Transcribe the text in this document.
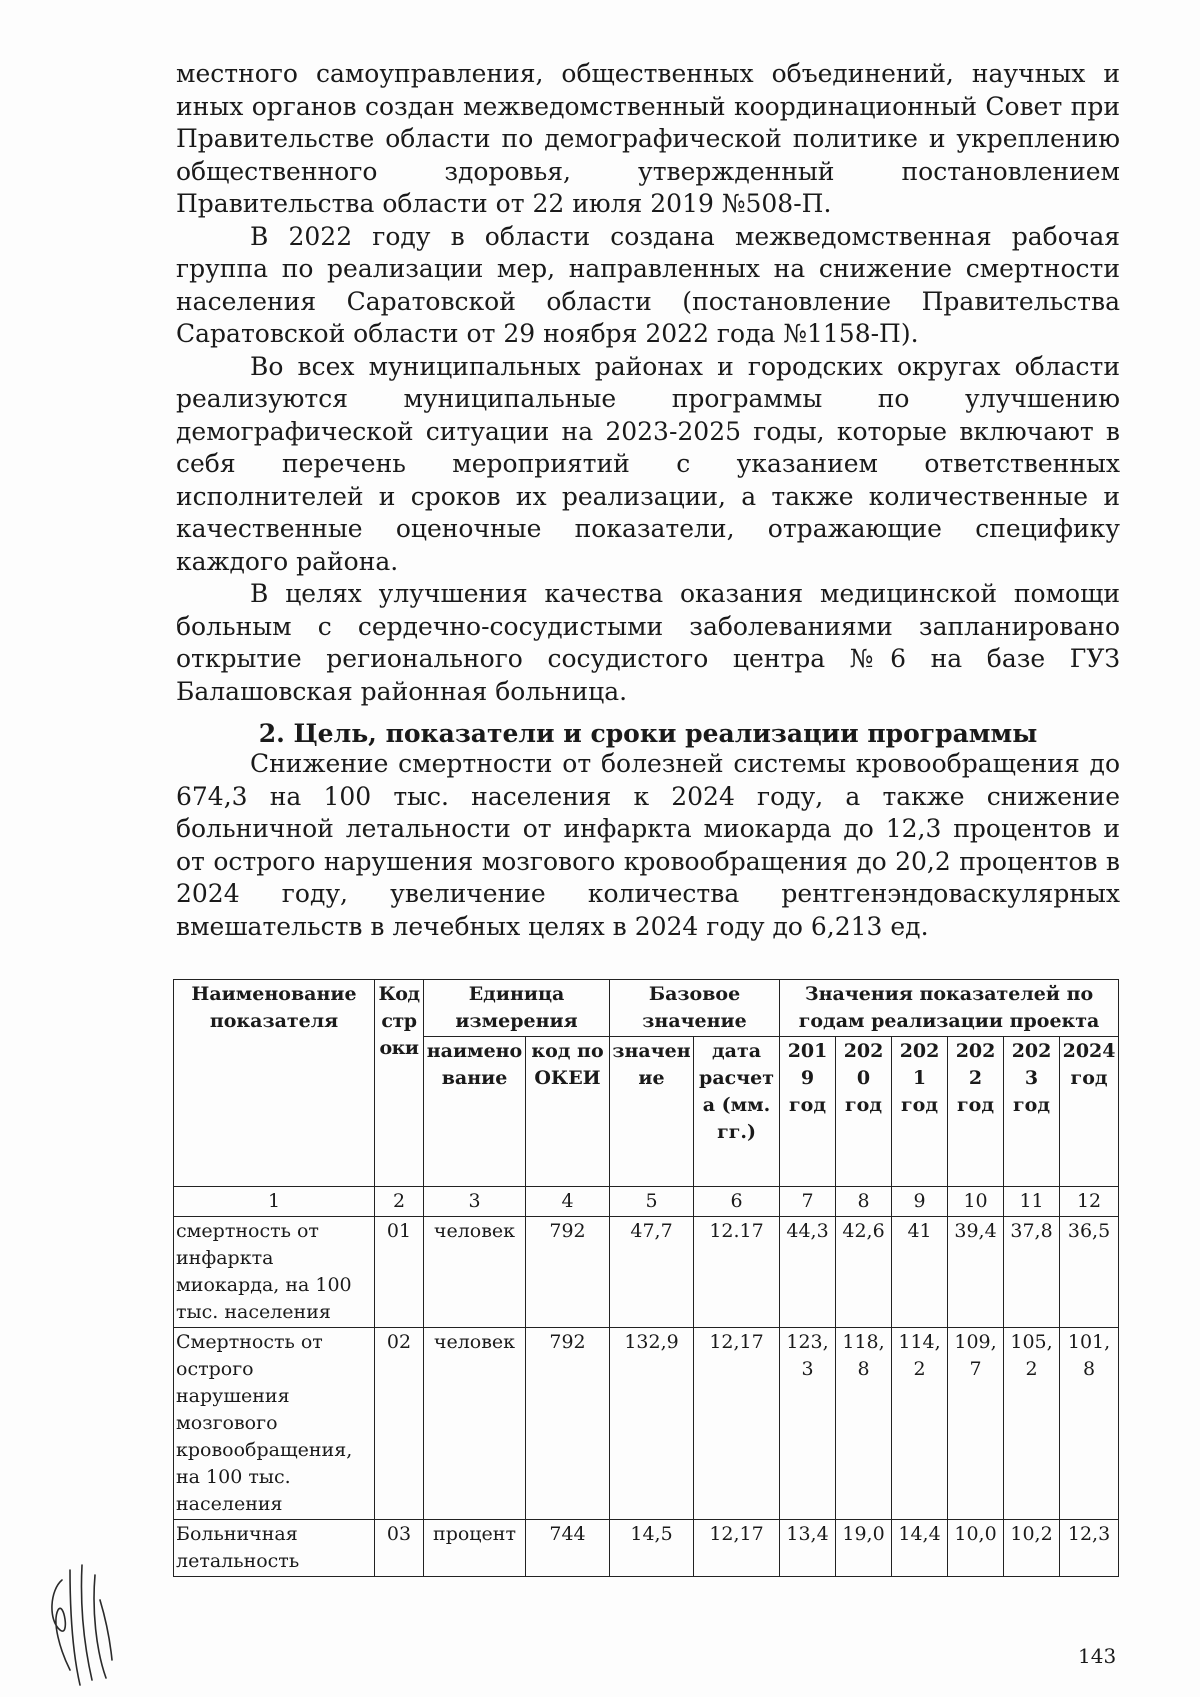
местного самоуправления, общественных объединений, научных и иных органов создан межведомственный координационный Совет при Правительстве области по демографической политике и укреплению общественного здоровья, утвержденный постановлением Правительства области от 22 июля 2019 №508-П.

В 2022 году в области создана межведомственная рабочая группа по реализации мер, направленных на снижение смертности населения Саратовской области (постановление Правительства Саратовской области от 29 ноября 2022 года №1158-П).

Во всех муниципальных районах и городских округах области реализуются муниципальные программы по улучшению демографической ситуации на 2023-2025 годы, которые включают в себя перечень мероприятий с указанием ответственных исполнителей и сроков их реализации, а также количественные и качественные оценочные показатели, отражающие специфику каждого района.

В целях улучшения качества оказания медицинской помощи больным с сердечно-сосудистыми заболеваниями запланировано открытие регионального сосудистого центра №6 на базе ГУЗ Балашовская районная больница.

2. Цель, показатели и сроки реализации программы

Снижение смертности от болезней системы кровообращения до 674,3 на 100 тыс. населения к 2024 году, а также снижение больничной летальности от инфаркта миокарда до 12,3 процентов и от острого нарушения мозгового кровообращения до 20,2 процентов в 2024 году, увеличение количества рентгенэндоваскулярных вмешательств в лечебных целях в 2024 году до 6,213 ед.

Наименование показателя	Код строки	Единица измерения		Базовое значение		Значения показателей по годам реализации проекта					
		наименование	код по ОКЕИ	значение	дата расчета (мм. гг.)	2019 год	2020 год	2021 год	2022 год	2023 год	2024 год
1	2	3	4	5	6	7	8	9	10	11	12
смертность от инфаркта миокарда, на 100 тыс. населения	01	человек	792	47,7	12.17	44,3	42,6	41	39,4	37,8	36,5
Смертность от острого нарушения мозгового кровообращения, на 100 тыс. населения	02	человек	792	132,9	12,17	123,3	118,8	114,2	109,7	105,2	101,8
Больничная летальность	03	процент	744	14,5	12,17	13,4	19,0	14,4	10,0	10,2	12,3
143
